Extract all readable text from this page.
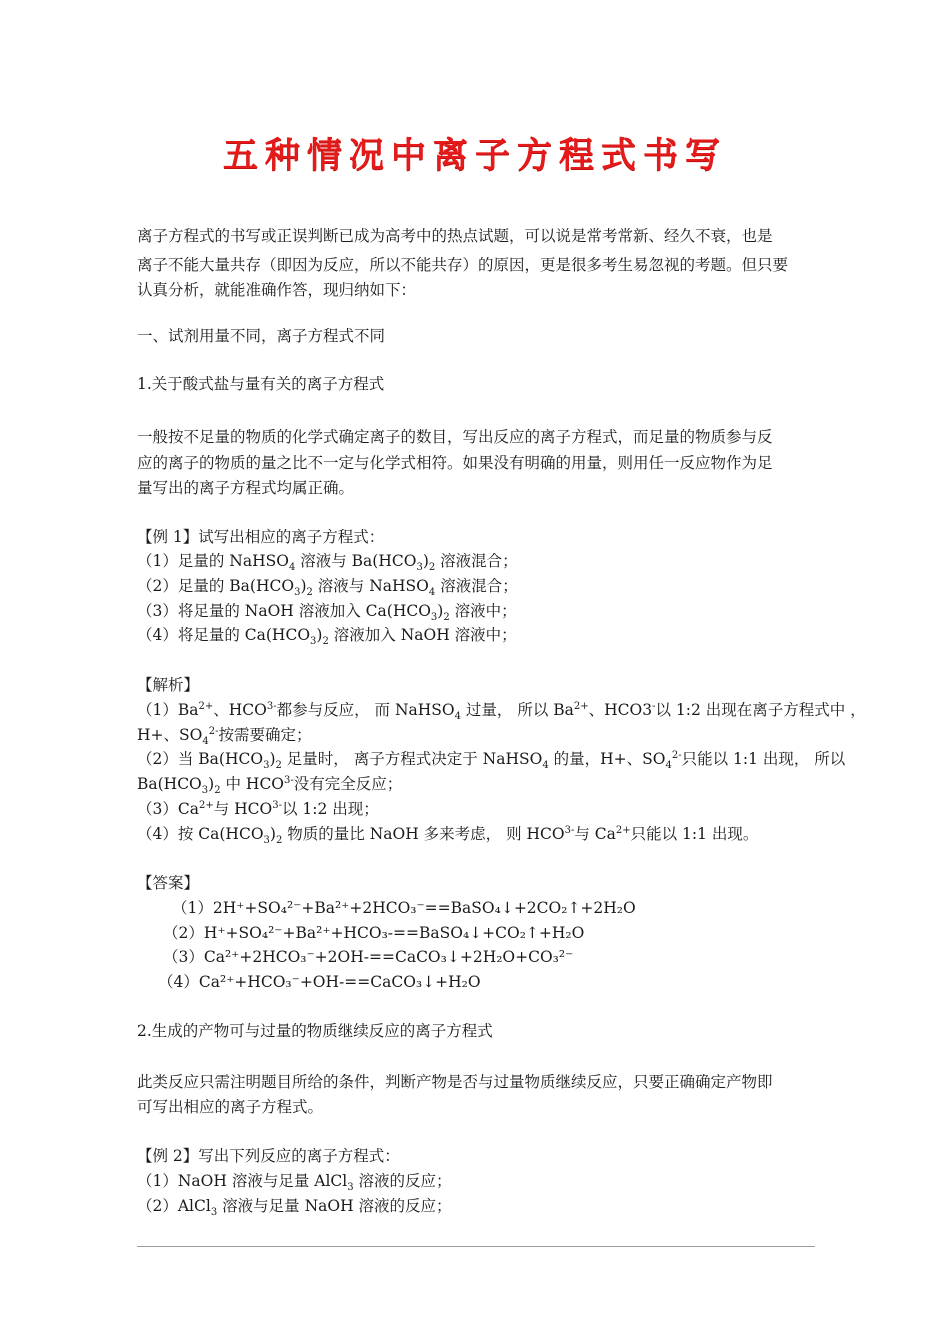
五种情况中离子方程式书写
离子方程式的书写或正误判断已成为高考中的热点试题，可以说是常考常新、经久不衰，也是
离子不能大量共存（即因为反应，所以不能共存）的原因，更是很多考生易忽视的考题。但只要
认真分析，就能准确作答，现归纳如下：
一、试剂用量不同，离子方程式不同
1.关于酸式盐与量有关的离子方程式
一般按不足量的物质的化学式确定离子的数目，写出反应的离子方程式，而足量的物质参与反
应的离子的物质的量之比不一定与化学式相符。如果没有明确的用量，则用任一反应物作为足
量写出的离子方程式均属正确。
【例 1】试写出相应的离子方程式：
（1）足量的 NaHSO$_4$ 溶液与 $Ba(HCO_3)_2$ 溶液混合；
（2）足量的 $Ba(HCO_3)_2$ 溶液与 NaHSO$_4$ 溶液混合；
（3）将足量的 NaOH 溶液加入 $Ca(HCO_3)_2$ 溶液中；
（4）将足量的 $Ca(HCO_3)_2$ 溶液加入 NaOH 溶液中；
【解析】
$(1)Ba^{2+}$、$HCO^{3-}$都参与反应， 而 NaHSO$_4$ 过量， 所以 $Ba^{2+}$、HCO3-以 1:2 出现在离子方程式中 ，
H+、$SO_4^{2-}$按需要确定；
（2）当 $Ba(HCO_3)_2$ 足量时， 离子方程式决定于 NaHSO$_4$ 的量，H+、$SO_4^{2-}$只能以 1:1 出现， 所以
$Ba(HCO_3)_2$ 中 $HCO^{3-}$没有完全反应；
$(3)Ca^{2+}$与 $HCO^{3-}$以 1:2 出现；
（4）按 $Ca(HCO_3)_2$ 物质的量比 NaOH 多来考虑， 则 $HCO^{3-}$与 $Ca^{2+}$只能以 1:1 出现。
【答案】
（1）2H⁺+SO₄²⁻+Ba²⁺+2HCO₃⁻==BaSO₄↓+2CO₂↑+2H₂O
（2）H⁺+SO₄²⁻+Ba²⁺+HCO₃-==BaSO₄↓+CO₂↑+H₂O
（3）Ca²⁺+2HCO₃⁻+2OH-==CaCO₃↓+2H₂O+CO₃²⁻
（4）Ca²⁺+HCO₃⁻+OH-==CaCO₃↓+H₂O
2.生成的产物可与过量的物质继续反应的离子方程式
此类反应只需注明题目所给的条件，判断产物是否与过量物质继续反应，只要正确确定产物即
可写出相应的离子方程式。
【例 2】写出下列反应的离子方程式：
（1）NaOH 溶液与足量 AlCl$_3$ 溶液的反应；
（2）AlCl$_3$ 溶液与足量 NaOH 溶液的反应；
